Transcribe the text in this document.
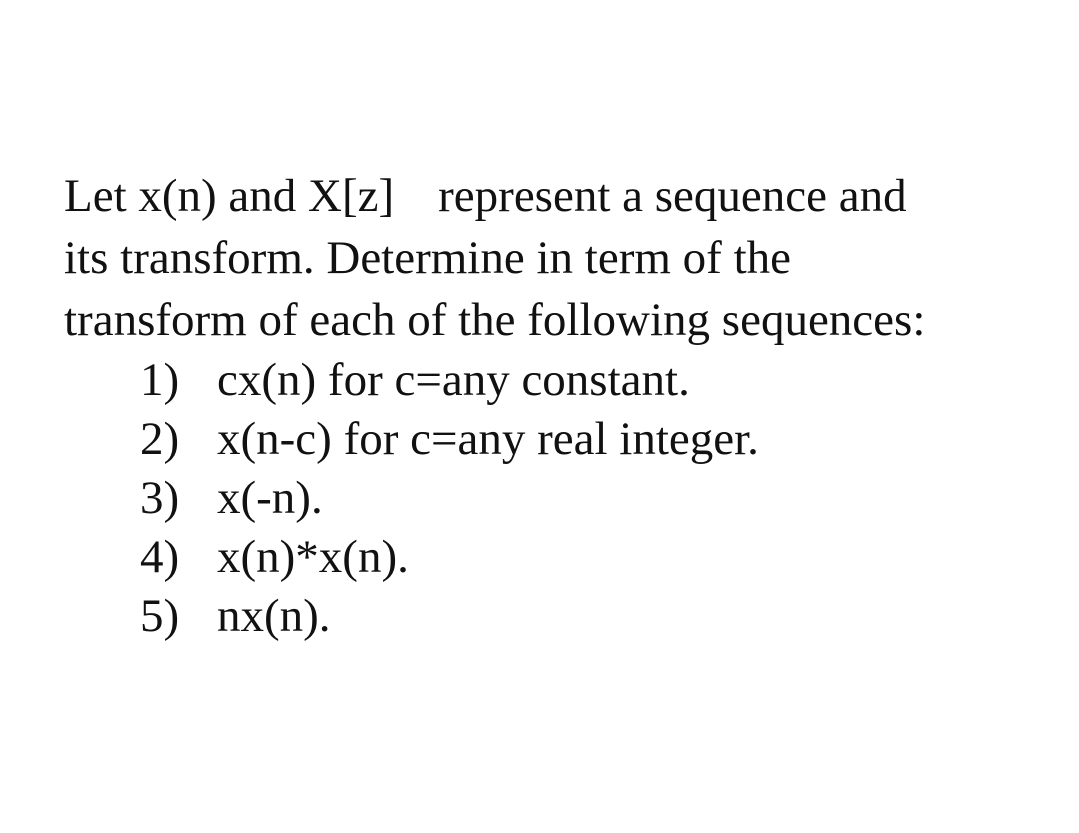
Let x(n) and X[z] represent a sequence and
its transform. Determine in term of the
transform of each of the following sequences:

1)

cx(n) for c=any constant.

2)

x(n-c) for c=any real integer.

3)

x(-n).

4)

x(n)*x(n).

5)

nx(n).
